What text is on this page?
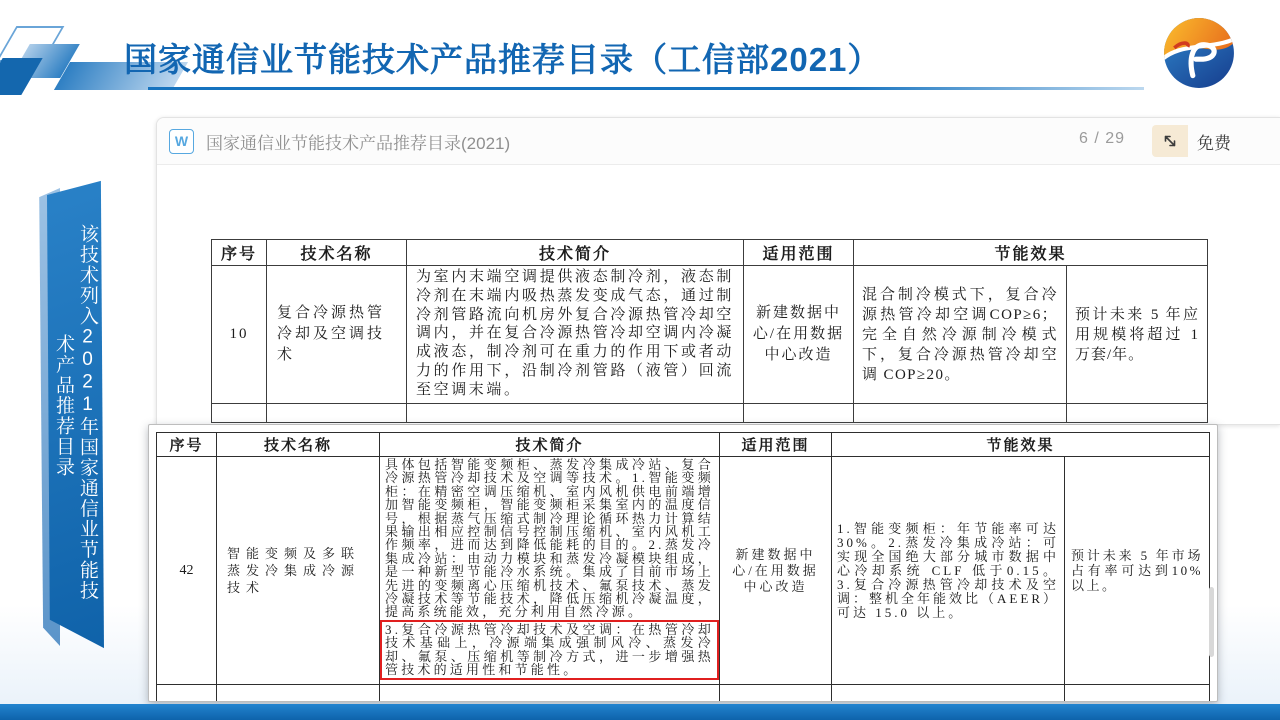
国家通信业节能技术产品推荐目录（工信部2021）
该技术列入2021年国家通信业节能技
术产品推荐目录
W	国家通信业节能技术产品推荐目录(2021)	6 / 29	免费
序号	技术名称	技术简介	适用范围	节能效果	
10	复合冷源热管冷却及空调技术	为室内末端空调提供液态制冷剂，液态制冷剂在末端内吸热蒸发变成气态，通过制冷剂管路流向机房外复合冷源热管冷却空调内，并在复合冷源热管冷却空调内冷凝成液态，制冷剂可在重力的作用下或者动力的作用下，沿制冷剂管路（液管）回流至空调末端。	新建数据中心/在用数据中心改造	混合制冷模式下，复合冷源热管冷却空调COP≥6；完全自然冷源制冷模式下，复合冷源热管冷却空调 COP≥20。	预计未来 5 年应用规模将超过 1 万套/年。

序号	技术名称	技术简介	适用范围	节能效果	
42	智能变频及多联蒸发冷集成冷源技术	具体包括智能变频柜、蒸发冷集成冷站、复合冷源热管冷却技术及空调等技术。1.智能变频柜：在精密空调压缩机、室内风机供电前端增加智能变频柜，智能变频柜采集室内的温度信号，根据蒸气压缩式制冷理论循环热力计算结果输出相应控制信号控制压缩机、室内风机工作频率，进而达到降低能耗的目的。2.蒸发冷集成冷站：由动力模块和蒸发冷凝模块组成，是一种新型节能冷水系统。集成了目前市场上先进的变频离心压缩机技术、氟泵技术、蒸发冷凝技术等节能技术，降低压缩机冷凝温度，提高系统能效，充分利用自然冷源。
3.复合冷源热管冷却技术及空调：在热管冷却技术基础上，冷源端集成强制风冷、蒸发冷却、氟泵、压缩机等制冷方式，进一步增强热管技术的适用性和节能性。	新建数据中心/在用数据中心改造	1.智能变频柜：年节能率可达30%。2.蒸发冷集成冷站：可实现全国绝大部分城市数据中心冷却系统 CLF 低于0.15。3.复合冷源热管冷却技术及空调：整机全年能效比（AEER）可达 15.0 以上。	预计未来 5 年市场占有率可达到10%以上。
